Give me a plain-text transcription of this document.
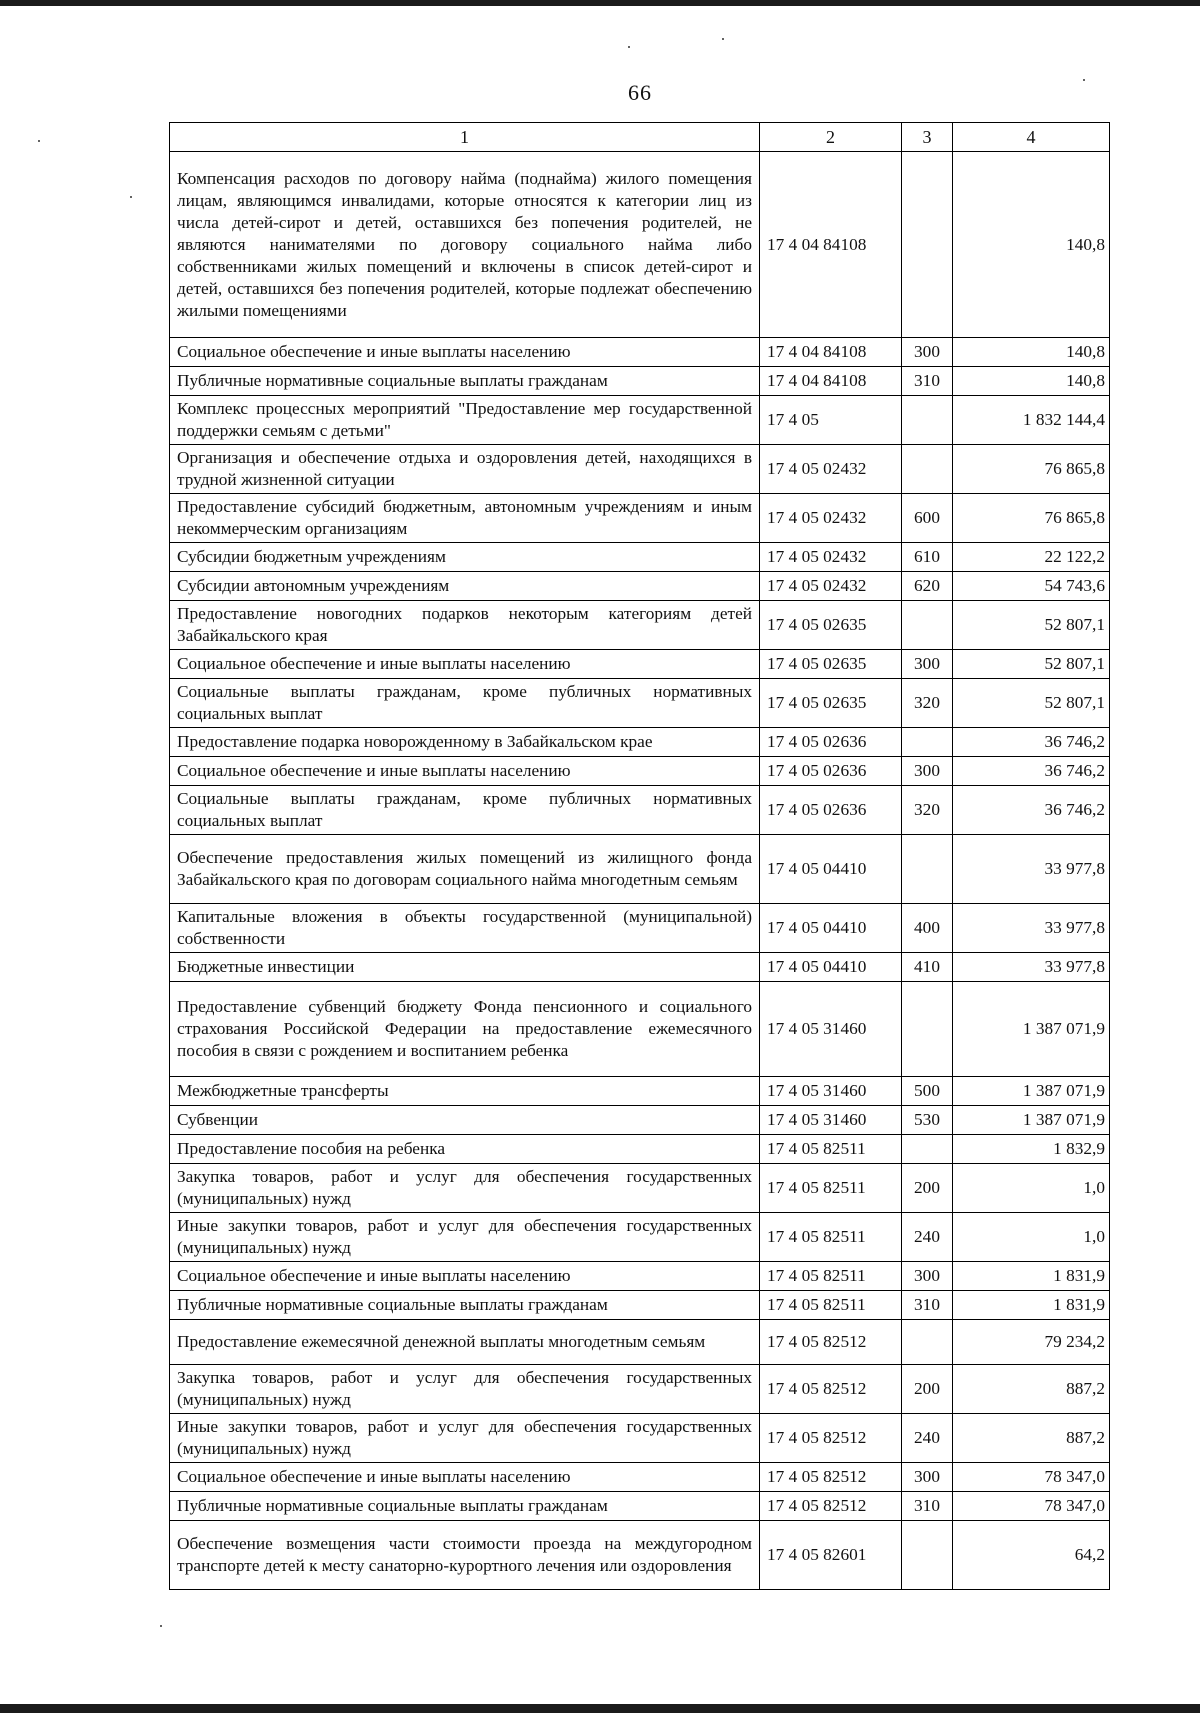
66
1	2	3	4
Компенсация расходов по договору найма (поднайма) жилого помещения лицам, являющимся инвалидами, которые относятся к категории лиц из числа детей-сирот и детей, оставшихся без попечения родителей, не являются нанимателями по договору социального найма либо собственниками жилых помещений и включены в список детей-сирот и детей, оставшихся без попечения родителей, которые подлежат обеспечению жилыми помещениями	17 4 04 84108		140,8
Социальное обеспечение и иные выплаты населению	17 4 04 84108	300	140,8
Публичные нормативные социальные выплаты гражданам	17 4 04 84108	310	140,8
Комплекс процессных мероприятий "Предоставление мер государственной поддержки семьям с детьми"	17 4 05		1 832 144,4
Организация и обеспечение отдыха и оздоровления детей, находящихся в трудной жизненной ситуации	17 4 05 02432		76 865,8
Предоставление субсидий бюджетным, автономным учреждениям и иным некоммерческим организациям	17 4 05 02432	600	76 865,8
Субсидии бюджетным учреждениям	17 4 05 02432	610	22 122,2
Субсидии автономным учреждениям	17 4 05 02432	620	54 743,6
Предоставление новогодних подарков некоторым категориям детей Забайкальского края	17 4 05 02635		52 807,1
Социальное обеспечение и иные выплаты населению	17 4 05 02635	300	52 807,1
Социальные выплаты гражданам, кроме публичных нормативных социальных выплат	17 4 05 02635	320	52 807,1
Предоставление подарка новорожденному в Забайкальском крае	17 4 05 02636		36 746,2
Социальное обеспечение и иные выплаты населению	17 4 05 02636	300	36 746,2
Социальные выплаты гражданам, кроме публичных нормативных социальных выплат	17 4 05 02636	320	36 746,2
Обеспечение предоставления жилых помещений из жилищного фонда Забайкальского края по договорам социального найма многодетным семьям	17 4 05 04410		33 977,8
Капитальные вложения в объекты государственной (муниципальной) собственности	17 4 05 04410	400	33 977,8
Бюджетные инвестиции	17 4 05 04410	410	33 977,8
Предоставление субвенций бюджету Фонда пенсионного и социального страхования Российской Федерации на предоставление ежемесячного пособия в связи с рождением и воспитанием ребенка	17 4 05 31460		1 387 071,9
Межбюджетные трансферты	17 4 05 31460	500	1 387 071,9
Субвенции	17 4 05 31460	530	1 387 071,9
Предоставление пособия на ребенка	17 4 05 82511		1 832,9
Закупка товаров, работ и услуг для обеспечения государственных (муниципальных) нужд	17 4 05 82511	200	1,0
Иные закупки товаров, работ и услуг для обеспечения государственных (муниципальных) нужд	17 4 05 82511	240	1,0
Социальное обеспечение и иные выплаты населению	17 4 05 82511	300	1 831,9
Публичные нормативные социальные выплаты гражданам	17 4 05 82511	310	1 831,9
Предоставление ежемесячной денежной выплаты многодетным семьям	17 4 05 82512		79 234,2
Закупка товаров, работ и услуг для обеспечения государственных (муниципальных) нужд	17 4 05 82512	200	887,2
Иные закупки товаров, работ и услуг для обеспечения государственных (муниципальных) нужд	17 4 05 82512	240	887,2
Социальное обеспечение и иные выплаты населению	17 4 05 82512	300	78 347,0
Публичные нормативные социальные выплаты гражданам	17 4 05 82512	310	78 347,0
Обеспечение возмещения части стоимости проезда на междугородном транспорте детей к месту санаторно-курортного лечения или оздоровления	17 4 05 82601		64,2
